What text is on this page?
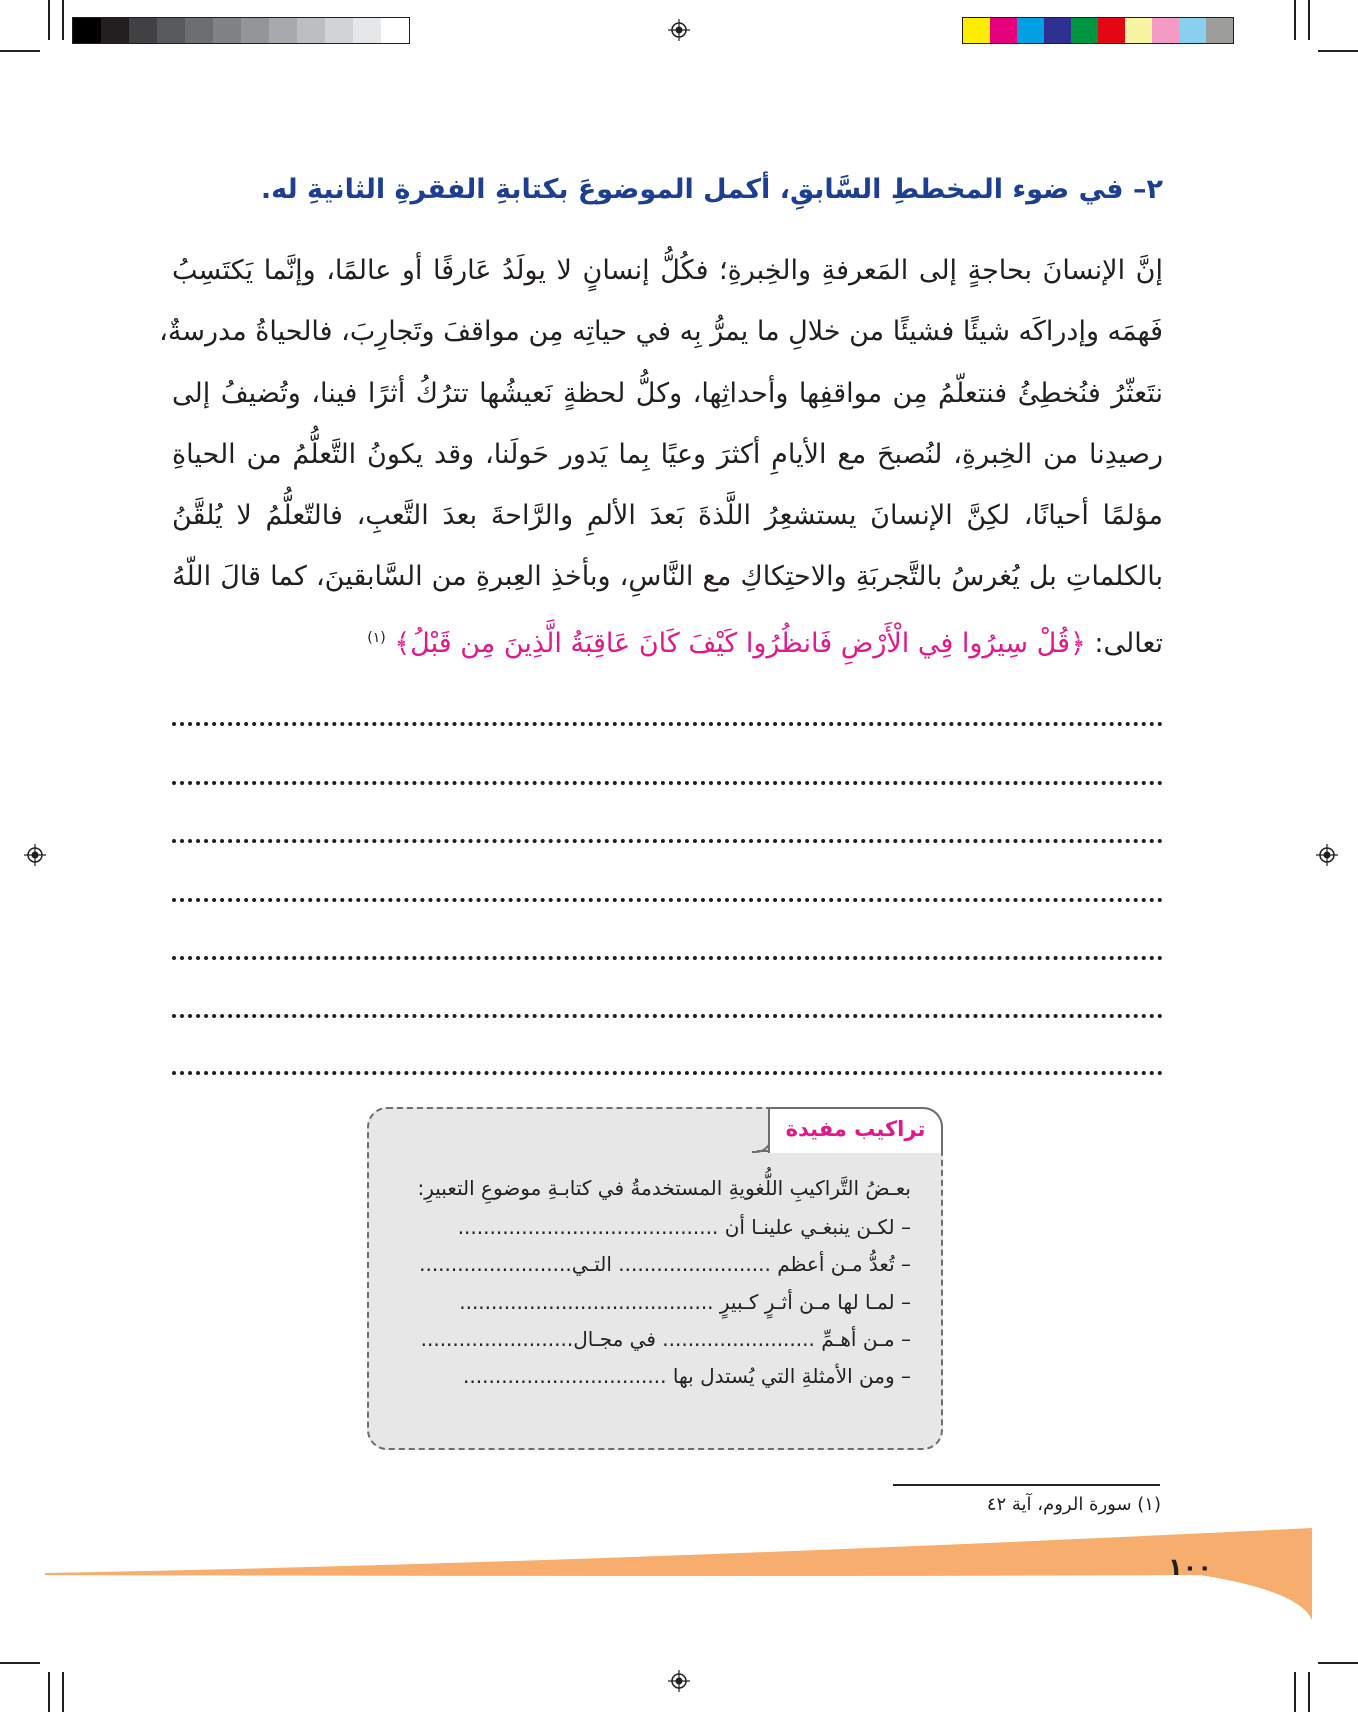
٢– في ضوء المخططِ السَّابقِ، أكمل الموضوعَ بكتابةِ الفقرةِ الثانيةِ له.
إنَّ الإنسانَ بحاجةٍ إلى المَعرفةِ والخِبرةِ؛ فكُلُّ إنسانٍ لا يولَدُ عَارفًا أو عالمًا، وإنَّما يَكتَسِبُ
فَهمَه وإدراكَه شيئًا فشيئًا من خلالِ ما يمرُّ بِه في حياتِه مِن مواقفَ وتَجارِبَ، فالحياةُ مدرسةٌ،
نتَعثّرُ فنُخطِئُ فنتعلّمُ مِن مواقفِها وأحداثِها، وكلُّ لحظةٍ نَعيشُها تترُكُ أثرًا فينا، وتُضيفُ إلى
رصيدِنا من الخِبرةِ، لنُصبحَ مع الأيامِ أكثرَ وعيًا بِما يَدور حَولَنا، وقد يكونُ التَّعلُّمُ من الحياةِ
مؤلمًا أحيانًا، لكِنَّ الإنسانَ يستشعِرُ اللَّذةَ بَعدَ الألمِ والرَّاحةَ بعدَ التَّعبِ، فالتّعلُّمُ لا يُلقَّنُ
بالكلماتِ بل يُغرسُ بالتَّجربَةِ والاحتِكاكِ مع النَّاسِ، وبأخذِ العِبرةِ من السَّابقينَ، كما قالَ اللّهُ
تعالى: ﴿قُلْ سِيرُوا فِي الْأَرْضِ فَانظُرُوا كَيْفَ كَانَ عَاقِبَةُ الَّذِينَ مِن قَبْلُ﴾ $^{(١)}$
تراكيب مفيدة
بعـضُ التَّراكيبِ اللُّغويةِ المستخدمةُ في كتابـةِ موضوعِ التعبيرِ:
– لكـن ينبغـي علينـا أن .........................................
– تُعدُّ مـن أعظم ........................ التـي........................
– لمـا لها مـن أثـرٍ كـبيرٍ ........................................
– مـن أهـمِّ ........................ في مجـال........................
– ومن الأمثلةِ التي يُستدل بها ................................
(١) سورة الروم، آية ٤٢
١٠٠
